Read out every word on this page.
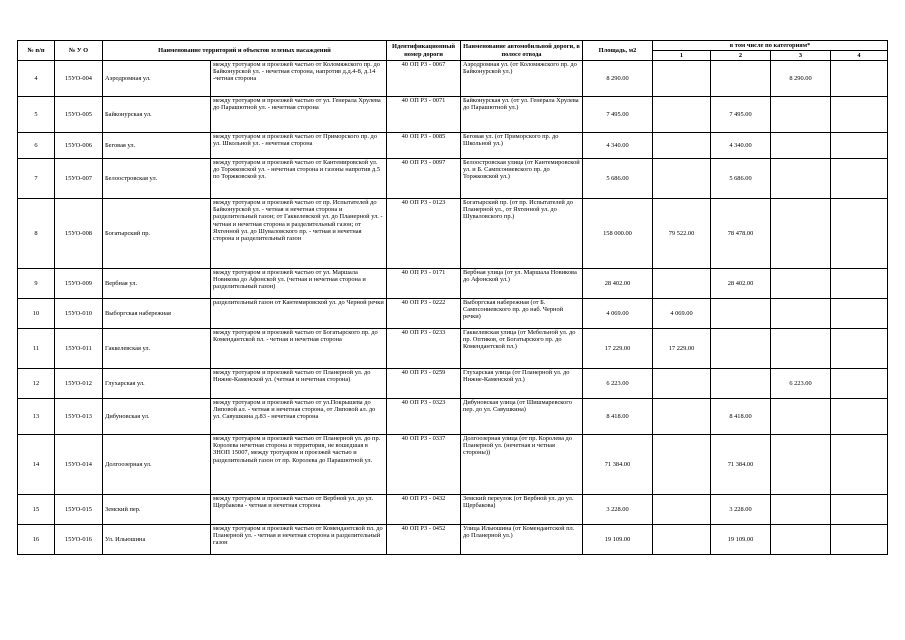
№ п/п	№ У О	Наименование территорий и объектов зеленых насаждений		Идентификационный номер дороги	Наименование автомобильной дороги, в полосе отвода	Площадь, м2	в том числе по категориям*			
							1	2	3	4

4	15УО-004	Аэродромная ул.	между тротуаром и проезжей частью от Коломяжского пр. до Байконурской ул. - нечетная сторона, напротив д.д.4-8, д.14 -четная сторона	40 ОП РЗ - 0067	Аэродромная ул. (от Коломяжского пр. до Байконурской ул.)	8 290.00			8 290.00	

5	15УО-005	Байконурская ул.	между тротуаром и проезжей частью от ул. Генерала Хрулева до Парашютной ул. - нечетная сторона	40 ОП РЗ - 0071	Байконурская ул. (от ул. Генерала Хрулева до Парашютной ул.)	7 495.00		7 495.00		

6	15УО-006	Беговая ул.	между тротуаром и проезжей частью от Приморского пр. до ул. Школьной ул. - нечетная сторона	40 ОП РЗ - 0085	Беговая ул. (от Приморского пр. до Школьной ул.)	4 340.00		4 340.00		

7	15УО-007	Белоостровская ул.	между тротуаром и проезжей частью от Кантемировской ул. до Торжковской ул. - нечетная сторона и газоны напротив д.5 по Торжковской ул.	40 ОП РЗ - 0097	Белоостровская улица (от Кантемировской ул. и Б. Сампсониевского пр. до Торжковской ул.)	5 686.00		5 686.00		

8	15УО-008	Богатырский пр.	между тротуаром и проезжей частью от пр. Испытателей до Байконурской ул. - четная и нечетная сторона и разделительный газон; от Гаккелевской ул. до Планерной ул. - четная и нечетная сторона и разделительный газон; от Яхтенной ул. до Шуваловского пр. - четная и нечетная сторона и разделительный газон	40 ОП РЗ - 0123	Богатырский пр. (от пр. Испытателей до Планерной ул., от Яхтенной ул. до Шуваловского пр.)	158 000.00	79 522.00	78 478.00		

9	15УО-009	Вербная ул.	между тротуаром и проезжей частью от ул. Маршала Новикова до Афонской ул. (четная и нечетная сторона и разделительный газон)	40 ОП РЗ - 0171	Вербная улица (от ул. Маршала Новикова до Афонской ул.)	28 402.00		28 402.00		

10	15УО-010	Выборгская набережная	разделительный газон от Кантемировской ул. до Черной речки	40 ОП РЗ - 0222	Выборгская набережная (от Б. Сампсониевского пр. до наб. Черной речки)	4 069.00	4 069.00			

11	15УО-011	Гаккелевская ул.	между тротуаром и проезжей частью от Богатырского пр. до Комендантской пл. - четная и нечетная сторона	40 ОП РЗ - 0233	Гаккелевская улица (от Мебельной ул. до пр. Оптиков, от Богатырского пр. до Комендантской пл.)	17 229.00	17 229.00			

12	15УО-012	Глухарская ул.	между тротуаром и проезжей частью от Планерной ул. до Нижне-Каменской ул. (четная и нечетная сторона)	40 ОП РЗ - 0259	Глухарская улица (от Планерной ул. до Нижне-Каменской ул.)	6 223.00			6 223.00	

13	15УО-013	Дибуновская ул.	между тротуаром и проезжей частью от ул.Покрышева до Липовой ал. - четная и нечетная сторона, от Липовой ал. до ул. Савушкина д.83 - нечетная сторона	40 ОП РЗ - 0323	Дибуновская улица (от Шишмаревского пер. до ул. Савушкина)	8 418.00		8 418.00		

14	15УО-014	Долгоозерная ул.	между тротуаром и проезжей частью от Планерной ул. до пр. Королева нечетная сторона и территория, не вошедшая в ЗНОП 15007, между тротуаром и проезжей частью и разделительный газон от пр. Королева до Парашютной ул.	40 ОП РЗ - 0337	Долгоозерная улица (от пр. Королева до Планерной ул. (нечетная и четная стороны))	71 384.00		71 384.00		

15	15УО-015	Земский пер.	между тротуаром и проезжей частью от Вербной ул. до ул. Щербакова - четная и нечетная сторона	40 ОП РЗ - 0432	Земский переулок (от Вербной ул. до ул. Щербакова)	3 228.00		3 228.00		

16	15УО-016	Ул. Ильюшина	между тротуаром и проезжей частью от Комендантской пл. до Планерной ул. - четная и нечетная сторона и разделительный газон	40 ОП РЗ - 0452	Улица Ильюшина (от Комендантской пл. до Планерной ул.)	19 109.00		19 109.00		
